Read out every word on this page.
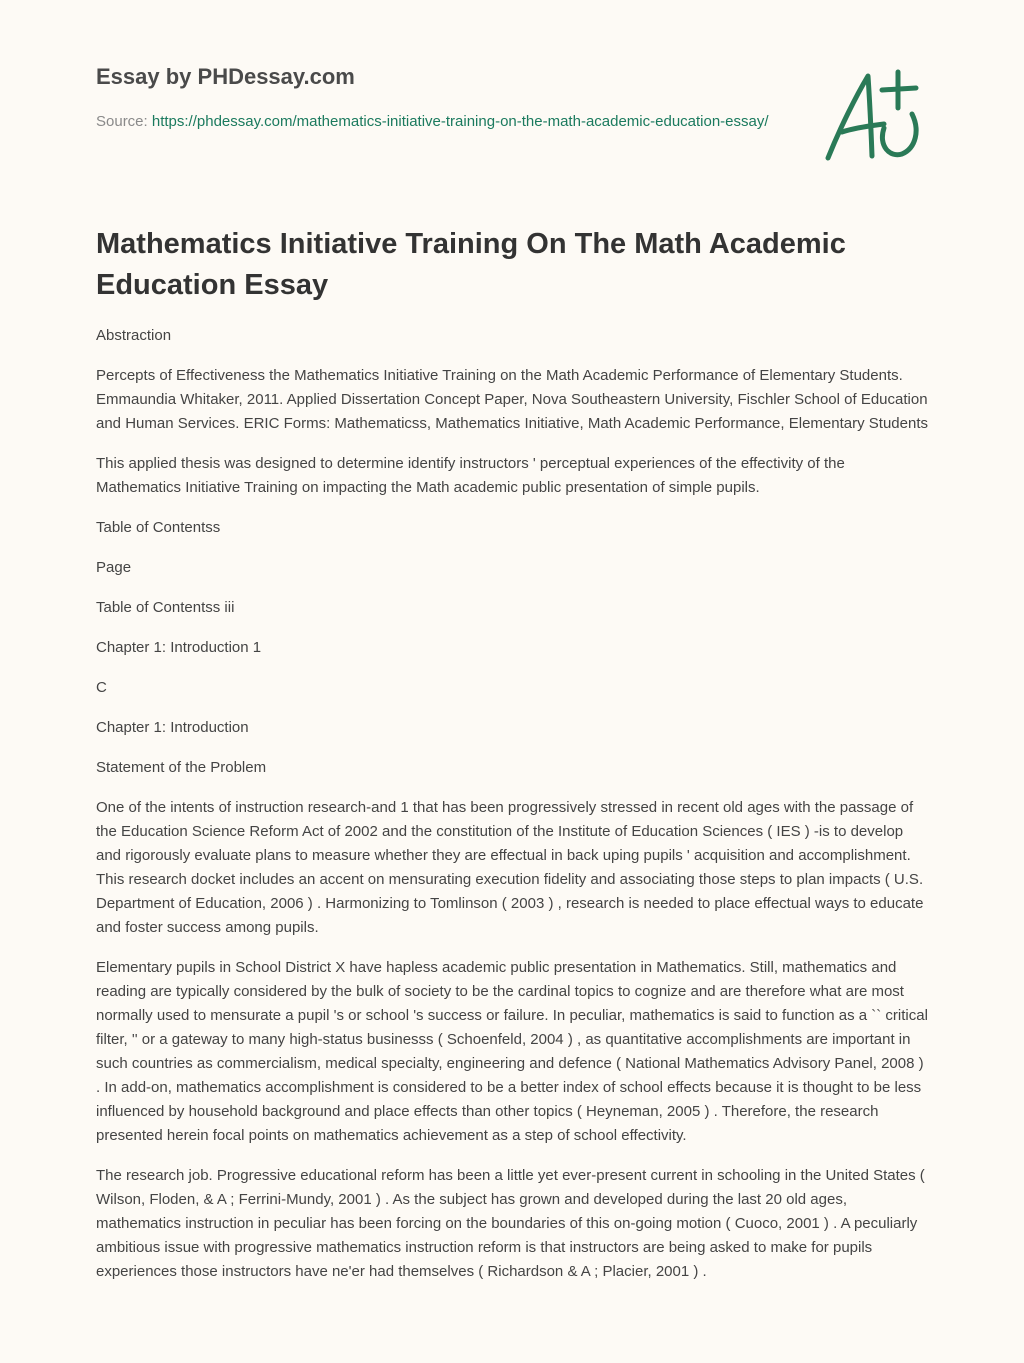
Essay by PHDessay.com
Source: https://phdessay.com/mathematics-initiative-training-on-the-math-academic-education-essay/
Mathematics Initiative Training On The Math Academic Education Essay

Abstraction

Percepts of Effectiveness the Mathematics Initiative Training on the Math Academic Performance of Elementary Students. Emmaundia Whitaker, 2011. Applied Dissertation Concept Paper, Nova Southeastern University, Fischler School of Education and Human Services. ERIC Forms: Mathematicss, Mathematics Initiative, Math Academic Performance, Elementary Students

This applied thesis was designed to determine identify instructors ' perceptual experiences of the effectivity of the Mathematics Initiative Training on impacting the Math academic public presentation of simple pupils.

Table of Contentss

Page

Table of Contentss iii

Chapter 1: Introduction 1

C

Chapter 1: Introduction

Statement of the Problem

One of the intents of instruction research-and 1 that has been progressively stressed in recent old ages with the passage of the Education Science Reform Act of 2002 and the constitution of the Institute of Education Sciences ( IES ) -is to develop and rigorously evaluate plans to measure whether they are effectual in back uping pupils ' acquisition and accomplishment. This research docket includes an accent on mensurating execution fidelity and associating those steps to plan impacts ( U.S. Department of Education, 2006 ) . Harmonizing to Tomlinson ( 2003 ) , research is needed to place effectual ways to educate and foster success among pupils.

Elementary pupils in School District X have hapless academic public presentation in Mathematics. Still, mathematics and reading are typically considered by the bulk of society to be the cardinal topics to cognize and are therefore what are most normally used to mensurate a pupil 's or school 's success or failure. In peculiar, mathematics is said to function as a `` critical filter, '' or a gateway to many high-status businesss ( Schoenfeld, 2004 ) , as quantitative accomplishments are important in such countries as commercialism, medical specialty, engineering and defence ( National Mathematics Advisory Panel, 2008 ) . In add-on, mathematics accomplishment is considered to be a better index of school effects because it is thought to be less influenced by household background and place effects than other topics ( Heyneman, 2005 ) . Therefore, the research presented herein focal points on mathematics achievement as a step of school effectivity.

The research job. Progressive educational reform has been a little yet ever-present current in schooling in the United States ( Wilson, Floden, & A ; Ferrini-Mundy, 2001 ) . As the subject has grown and developed during the last 20 old ages, mathematics instruction in peculiar has been forcing on the boundaries of this on-going motion ( Cuoco, 2001 ) . A peculiarly ambitious issue with progressive mathematics instruction reform is that instructors are being asked to make for pupils experiences those instructors have ne'er had themselves ( Richardson & A ; Placier, 2001 ) .
